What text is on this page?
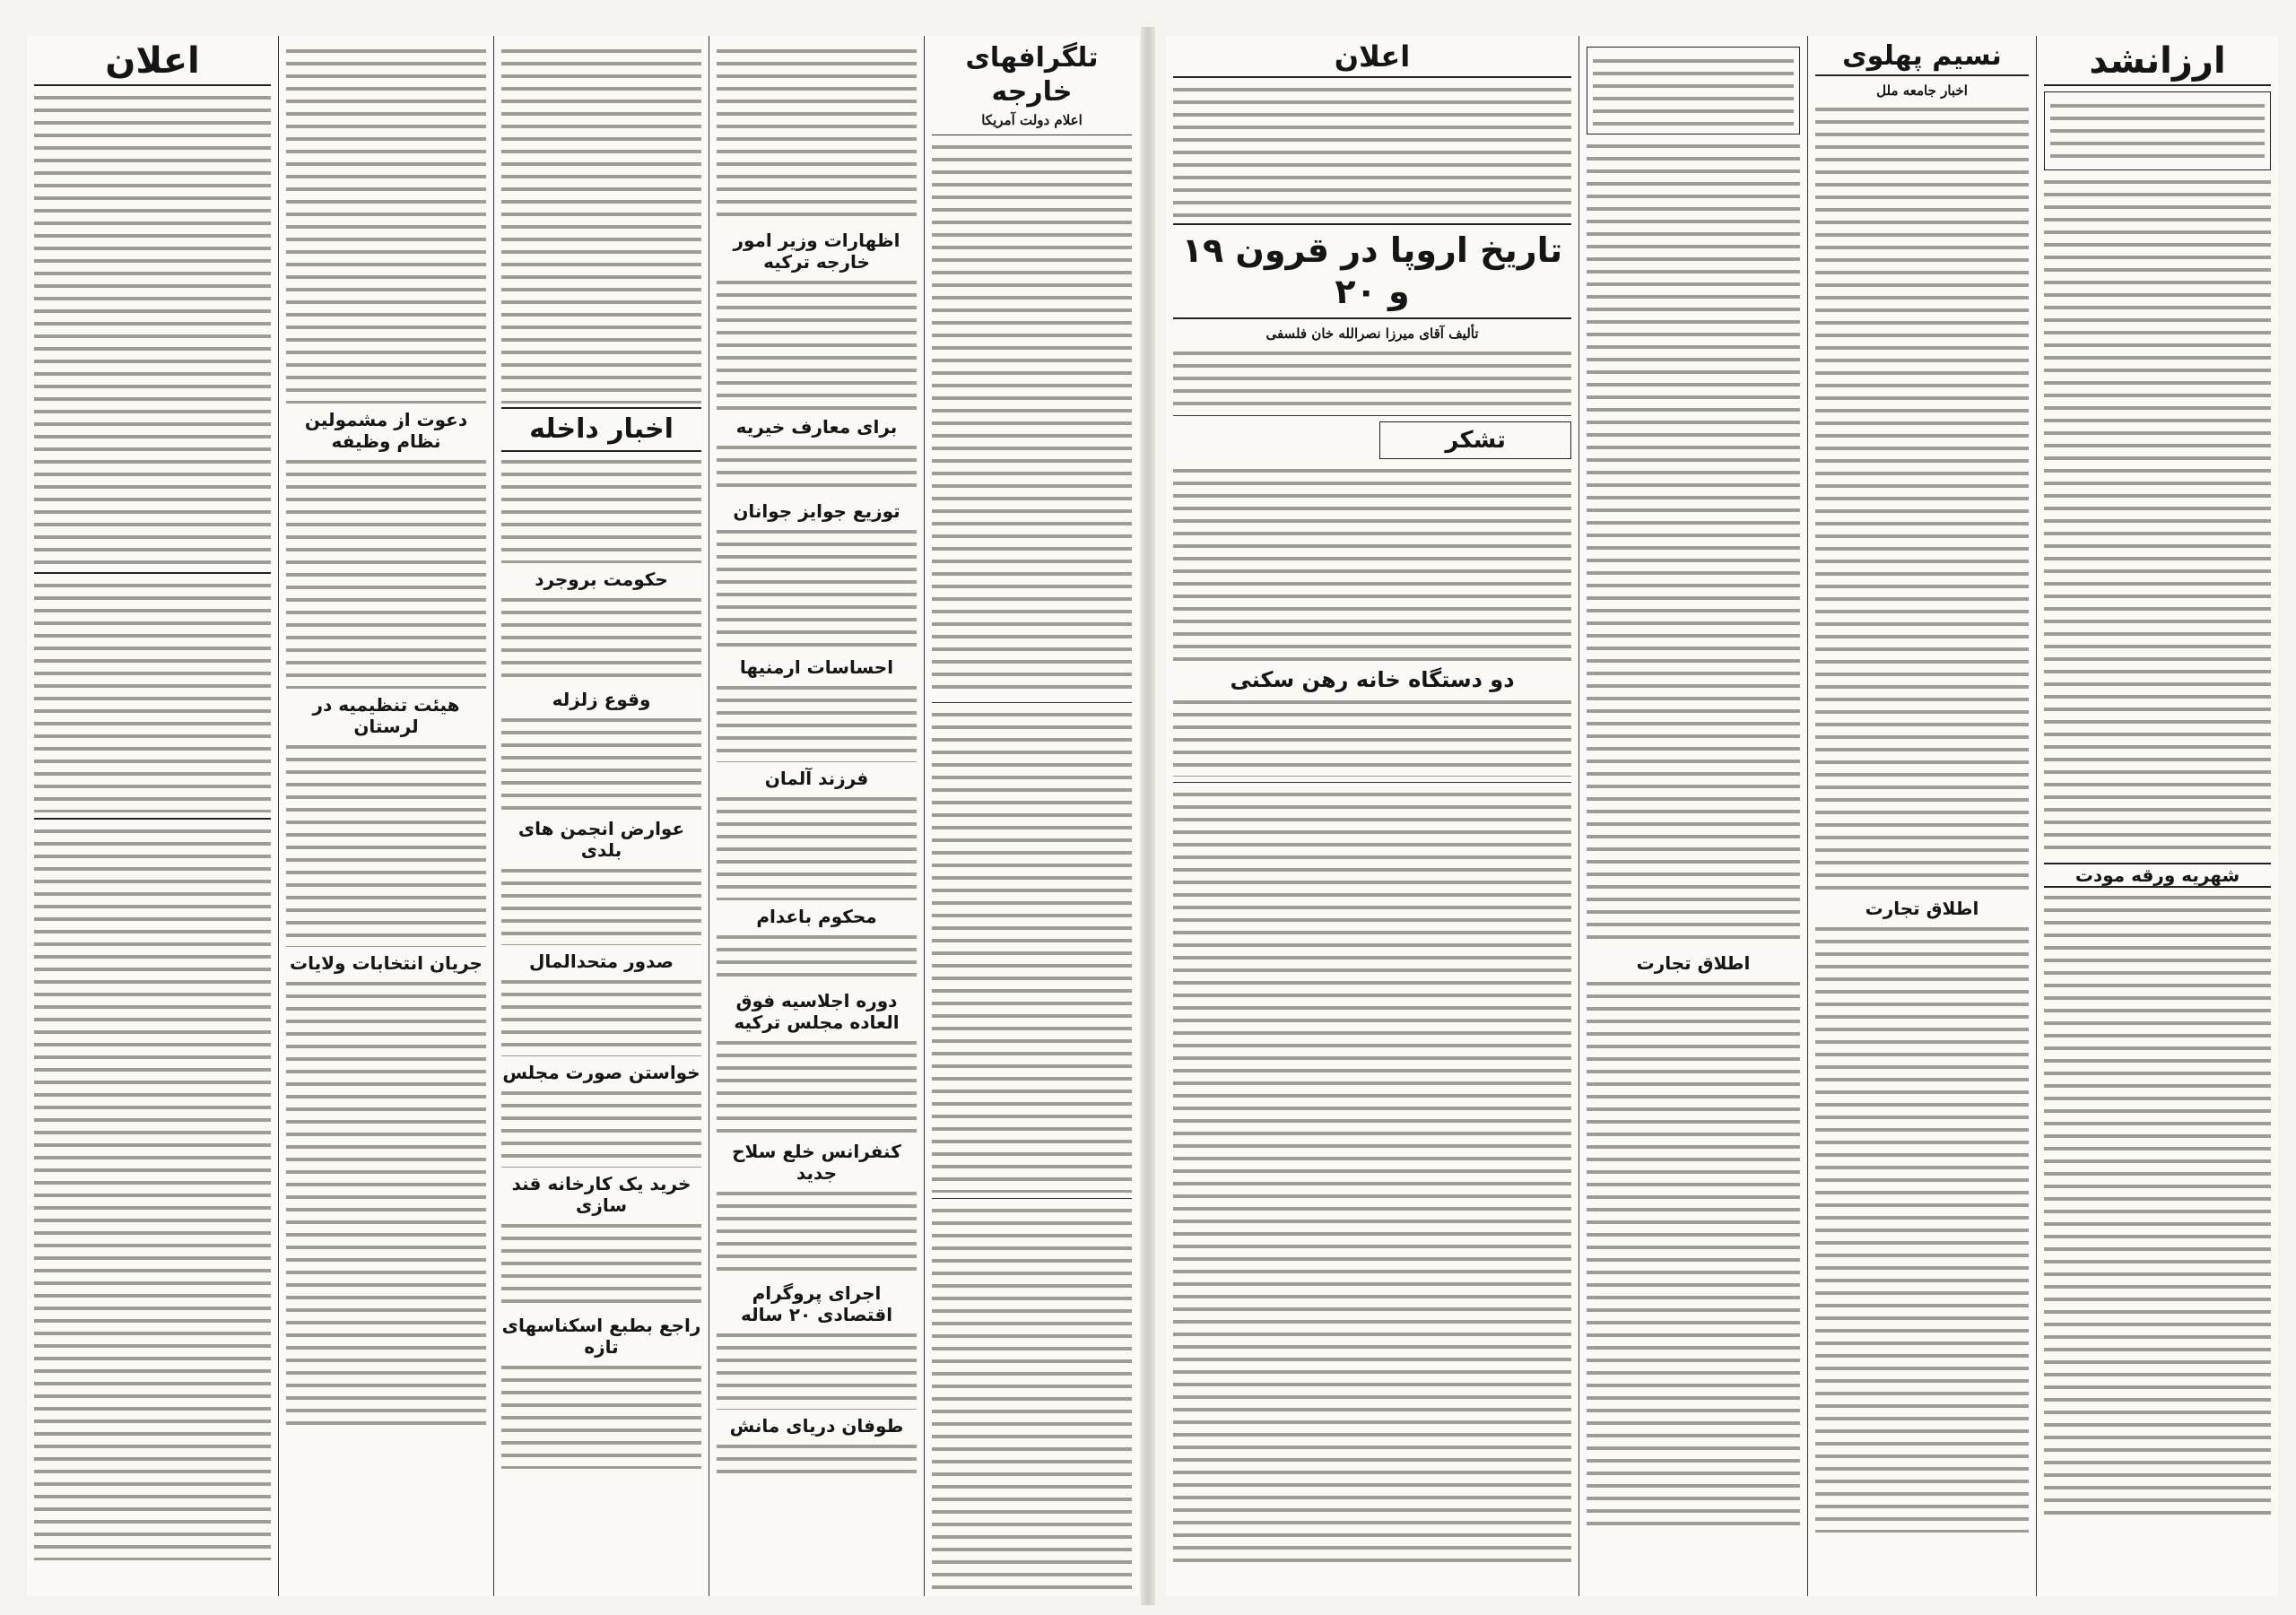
تلگرافهای خارجه
اعلام دولت آمریکا
اظهارات وزیر امور خارجه ترکیه
برای معارف خیریه
توزیع جوایز جوانان
احساسات ارمنیها
فرزند آلمان
محکوم باعدام
دوره اجلاسیه فوق العاده مجلس ترکیه
کنفرانس خلع سلاح جدید
اجرای پروگرام اقتصادی ۲۰ ساله
طوفان دریای مانش
اخبار داخله
حکومت بروجرد
وقوع زلزله
عوارض انجمن های بلدی
صدور متحدالمال
خواستن صورت مجلس
خرید یک کارخانه قند سازی
راجع بطبع اسکناسهای تازه
دعوت از مشمولین نظام وظیفه
هیئت تنظیمیه در لرستان
جریان انتخابات ولایات
اعلان	ارزانشد
شهریه ورقه مودت
نسیم پهلوی
اخبار جامعه ملل
اطلاق تجارت
اطلاق تجارت
اعلان
تاریخ اروپا در قرون ۱۹ و ۲۰
تألیف آقای میرزا نصرالله خان فلسفی
تشکر
دو دستگاه خانه رهن سکنی
